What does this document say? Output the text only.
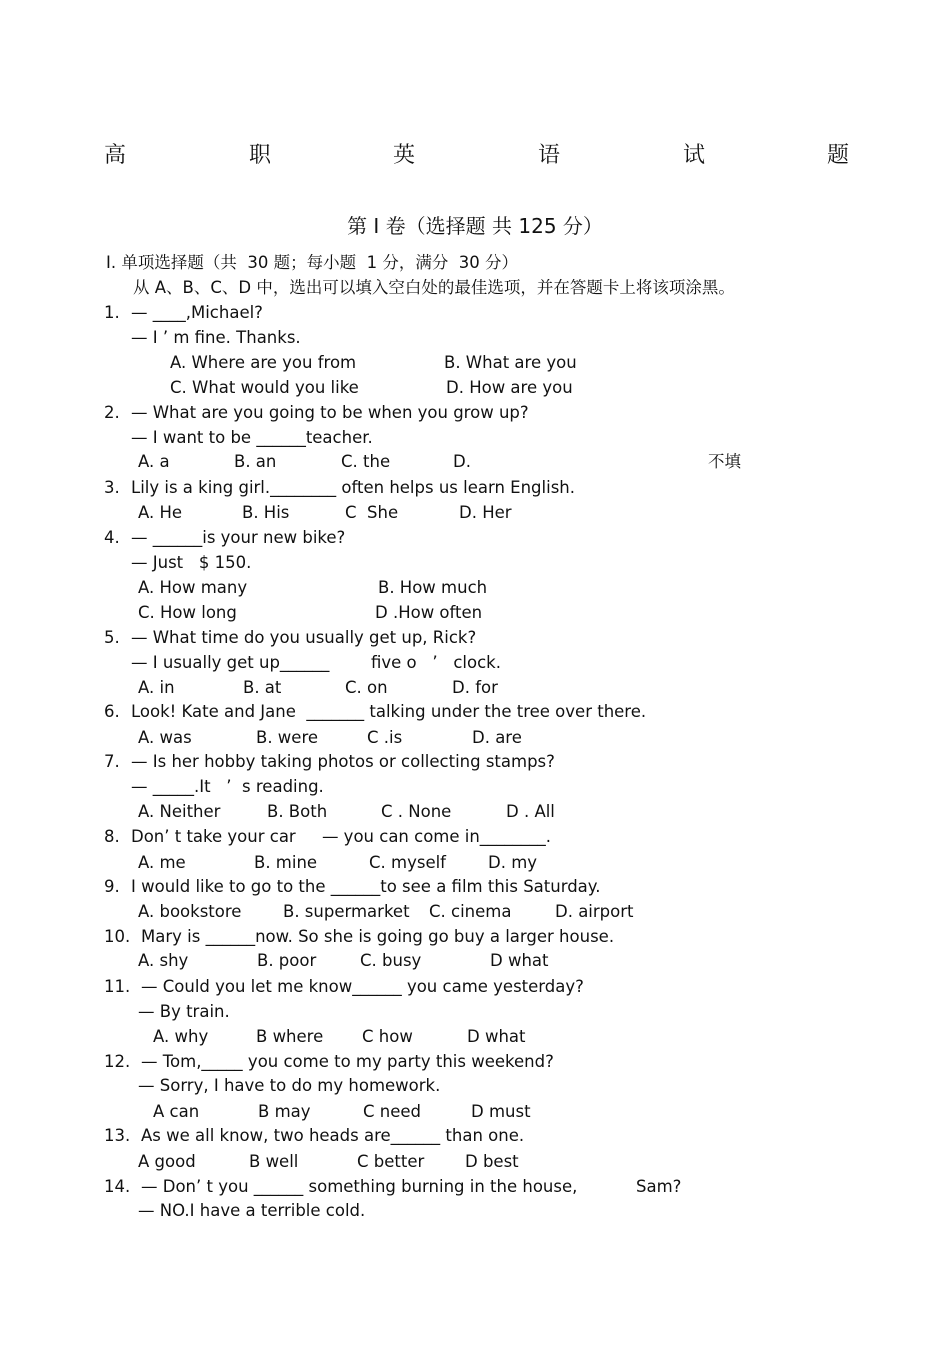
高	职	英	语	试	题
第 I 卷（选择题 共 125 分）
Ⅰ. 单项选择题（共  30 题；每小题  1 分，满分  30 分）
从 A、B、C、D 中，选出可以填入空白处的最佳选项，并在答题卡上将该项涂黑。
1. — ____,Michael?
— I ’ m fine. Thanks.
A. Where are you from	B. What are you
C. What would you like	D. How are you
2. — What are you going to be when you grow up?
— I want to be ______teacher.
A. a	B. an	C. the	D.	不填
3. Lily is a king girl.________ often helps us learn English.
A. He	B. His	C  She	D. Her
4. — ______is your new bike?
— Just   $ 150.
A. How many	B. How much
C. How long	D .How often
5. — What time do you usually get up, Rick?
— I usually get up______	five o   ’   clock.
A. in	B. at	C. on	D. for
6. Look! Kate and Jane  _______ talking under the tree over there.
A. was	B. were	C .is	D. are
7. — Is her hobby taking photos or collecting stamps?
— _____.It   ’  s reading.
A. Neither	B. Both	C . None	D . All
8. Don’ t take your car     — you can come in________.
A. me	B. mine	C. myself	D. my
9. I would like to go to the ______to see a film this Saturday.
A. bookstore	B. supermarket C. cinema	D. airport
10. Mary is ______now. So she is going go buy a larger house.
A. shy	B. poor	C. busy	D what
11. — Could you let me know______ you came yesterday?
— By train.
A. why	B where C how	D what
12. — Tom,_____ you come to my party this weekend?
— Sorry, I have to do my homework.
A can	B may	C need	D must
13. As we all know, two heads are______ than one.
A good	B well	C better D best
14. — Don’ t you ______ something burning in the house,	Sam?
— NO.I have a terrible cold.
